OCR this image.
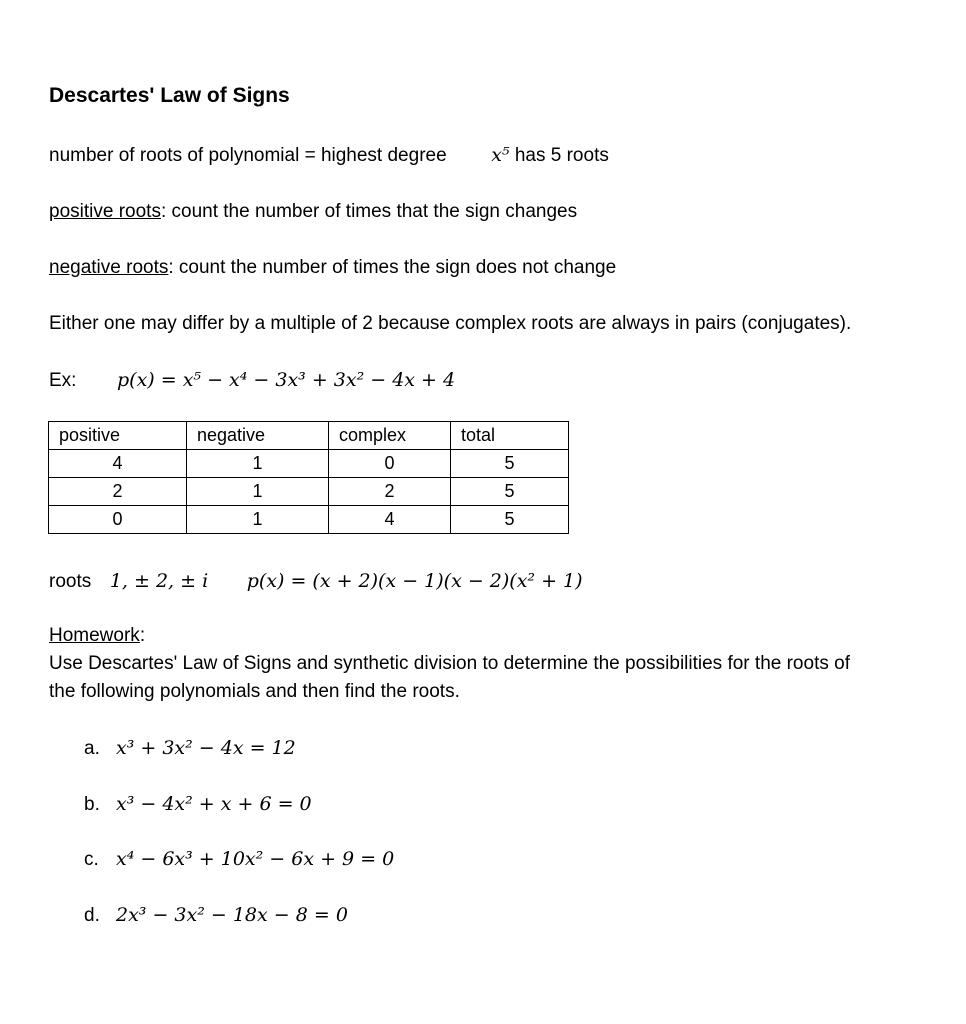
Descartes' Law of Signs
number of roots of polynomial = highest degree x⁵ has 5 roots
positive roots: count the number of times that the sign changes
negative roots: count the number of times the sign does not change
Either one may differ by a multiple of 2 because complex roots are always in pairs (conjugates).
Ex: p(x) = x⁵ − x⁴ − 3x³ + 3x² − 4x + 4
positive	negative	complex	total
4	1	0	5
2	1	2	5
0	1	4	5
roots 1, ± 2, ± i p(x) = (x + 2)(x − 1)(x − 2)(x² + 1)
Homework:
Use Descartes' Law of Signs and synthetic division to determine the possibilities for the roots of
the following polynomials and then find the roots.
a. x³ + 3x² − 4x = 12
b. x³ − 4x² + x + 6 = 0
c. x⁴ − 6x³ + 10x² − 6x + 9 = 0
d. 2x³ − 3x² − 18x − 8 = 0
